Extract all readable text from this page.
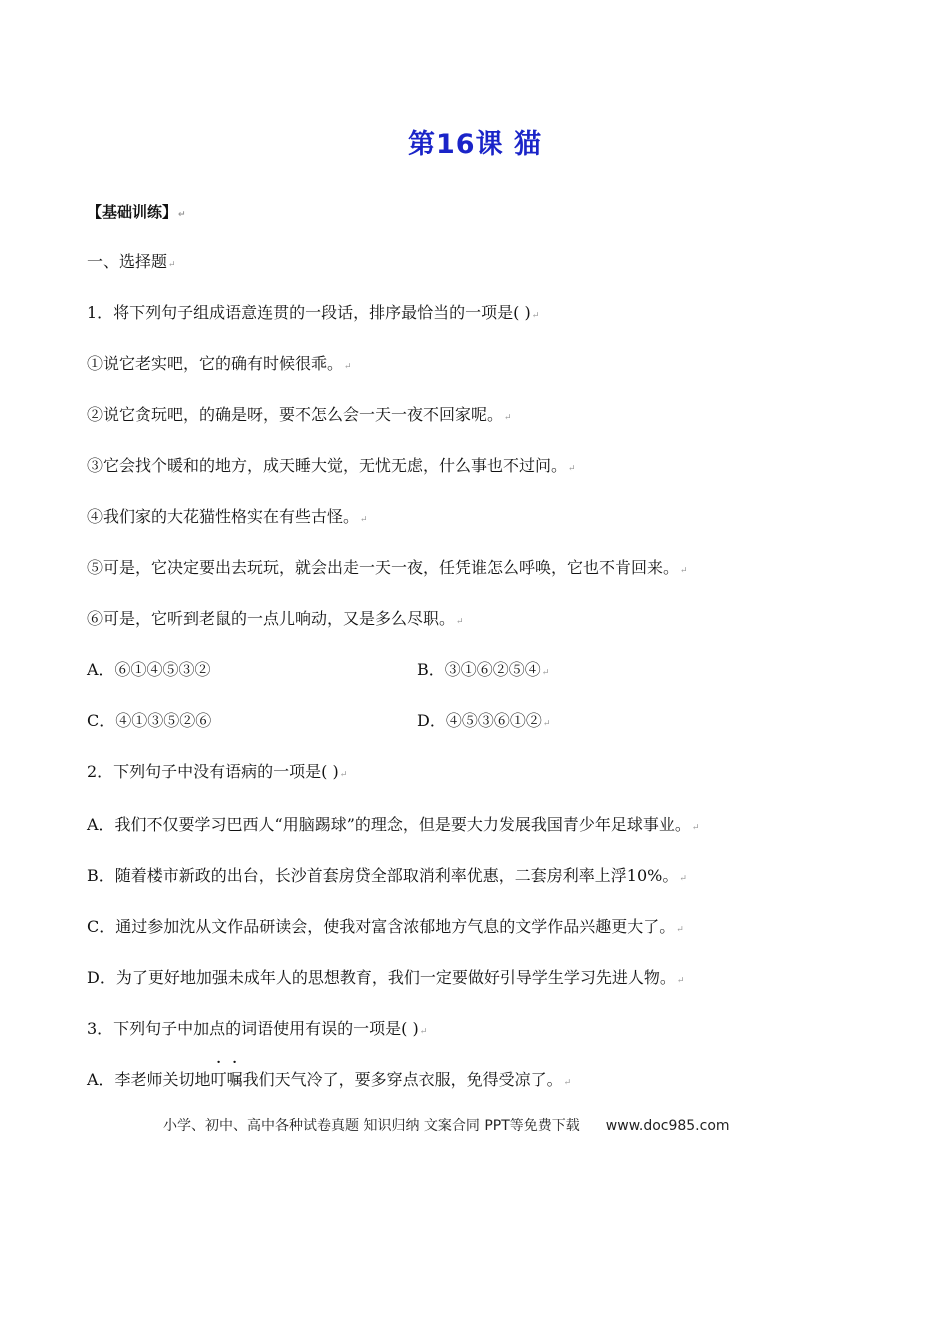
第16课 猫
【基础训练】↵
一、选择题↵
1．将下列句子组成语意连贯的一段话，排序最恰当的一项是( )↵
①说它老实吧，它的确有时候很乖。↵
②说它贪玩吧，的确是呀，要不怎么会一天一夜不回家呢。↵
③它会找个暖和的地方，成天睡大觉，无忧无虑，什么事也不过问。↵
④我们家的大花猫性格实在有些古怪。↵
⑤可是，它决定要出去玩玩，就会出走一天一夜，任凭谁怎么呼唤，它也不肯回来。↵
⑥可是，它听到老鼠的一点儿响动，又是多么尽职。↵
A．⑥①④⑤③②	B．③①⑥②⑤④↵
C．④①③⑤②⑥	D．④⑤③⑥①②↵
2．下列句子中没有语病的一项是( )↵
A．我们不仅要学习巴西人“用脑踢球”的理念，但是要大力发展我国青少年足球事业。↵
B．随着楼市新政的出台，长沙首套房贷全部取消利率优惠，二套房利率上浮10%。↵
C．通过参加沈从文作品研读会，使我对富含浓郁地方气息的文学作品兴趣更大了。↵
D．为了更好地加强未成年人的思想教育，我们一定要做好引导学生学习先进人物。↵
3．下列句子中加点的词语使用有误的一项是( )↵
A．李老师关切地叮嘱我们天气冷了，要多穿点衣服，免得受凉了。↵
小学、初中、高中各种试卷真题 知识归纳 文案合同 PPT等免费下载 www.doc985.com
